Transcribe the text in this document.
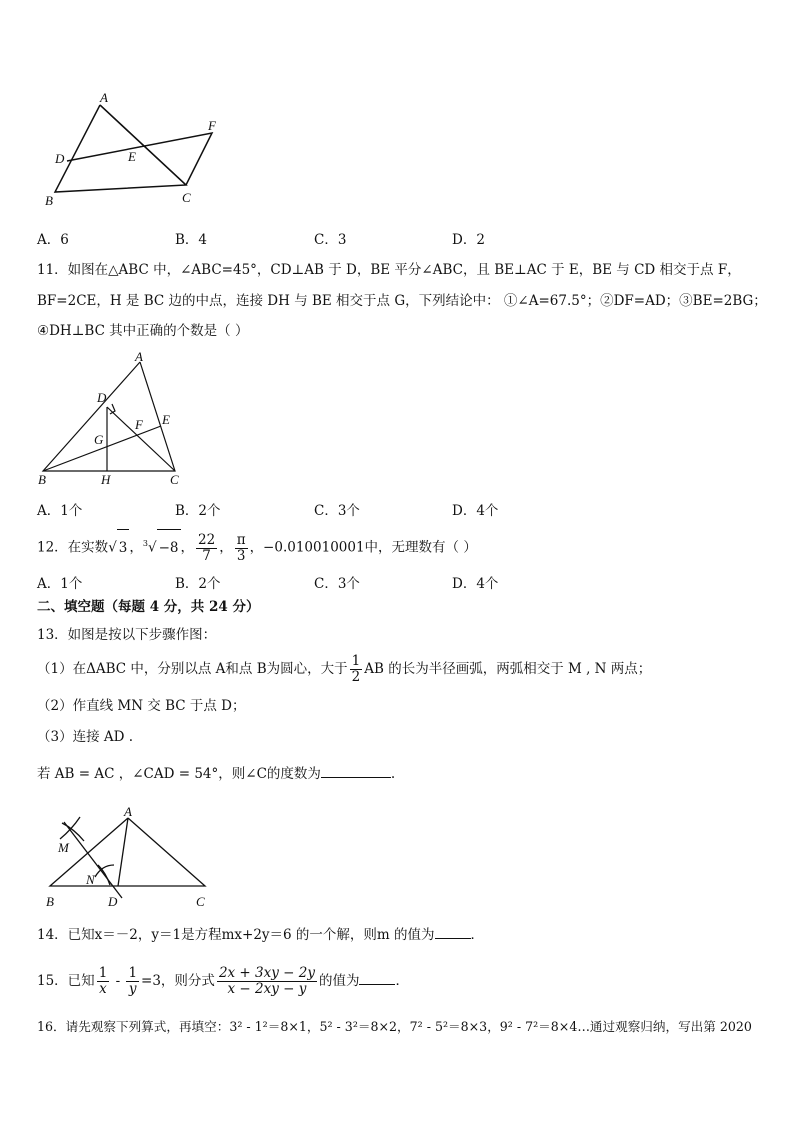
A
B	C
D	E
F
A．6	B．4	C．3	D．2
11．如图在△ABC 中，∠ABC=45°，CD⊥AB 于 D，BE 平分∠ABC，且 BE⊥AC 于 E，BE 与 CD 相交于点 F，
BF=2CE，H 是 BC 边的中点，连接 DH 与 BE 相交于点 G，下列结论中： ①∠A=67.5°；②DF=AD；③BE=2BG；
④DH⊥BC 其中正确的个数是（ ）
A
D
E
F
G
B	H	C
A．1个	B．2个	C．3个	D．4个
12．在实数√ 3 ，$^3$√ −8 ， $\frac{22}{7}$ ， $\frac{\pi}{3}$ ，−0.010010001中，无理数有（ ）
A．1个	B．2个	C．3个	D．4个
二、填空题（每题 4 分，共 24 分）
13．如图是按以下步骤作图：
（1）在ΔABC 中，分别以点 A和点 B为圆心，大于 $\frac{1}{2}$ AB 的长为半径画弧，两弧相交于 M , N 两点；
（2）作直线 MN 交 BC 于点 D；
（3）连接 AD .
若 AB = AC ，∠CAD = 54°，则∠C的度数为	.
A
M
N
B	D	C
14．已知x＝－2，y＝1是方程mx+2y＝6 的一个解，则m 的值为	．
15．已知 $\frac{1}{x} - \frac{1}{y} =3$，则分式 $\frac{2x + 3xy - 2y}{x - 2xy - y}$ 的值为	．
16．请先观察下列算式，再填空：3² - 1²＝8×1，5² - 3²＝8×2，7² - 5²＝8×3，9² - 7²＝8×4…通过观察归纳，写出第 2020
